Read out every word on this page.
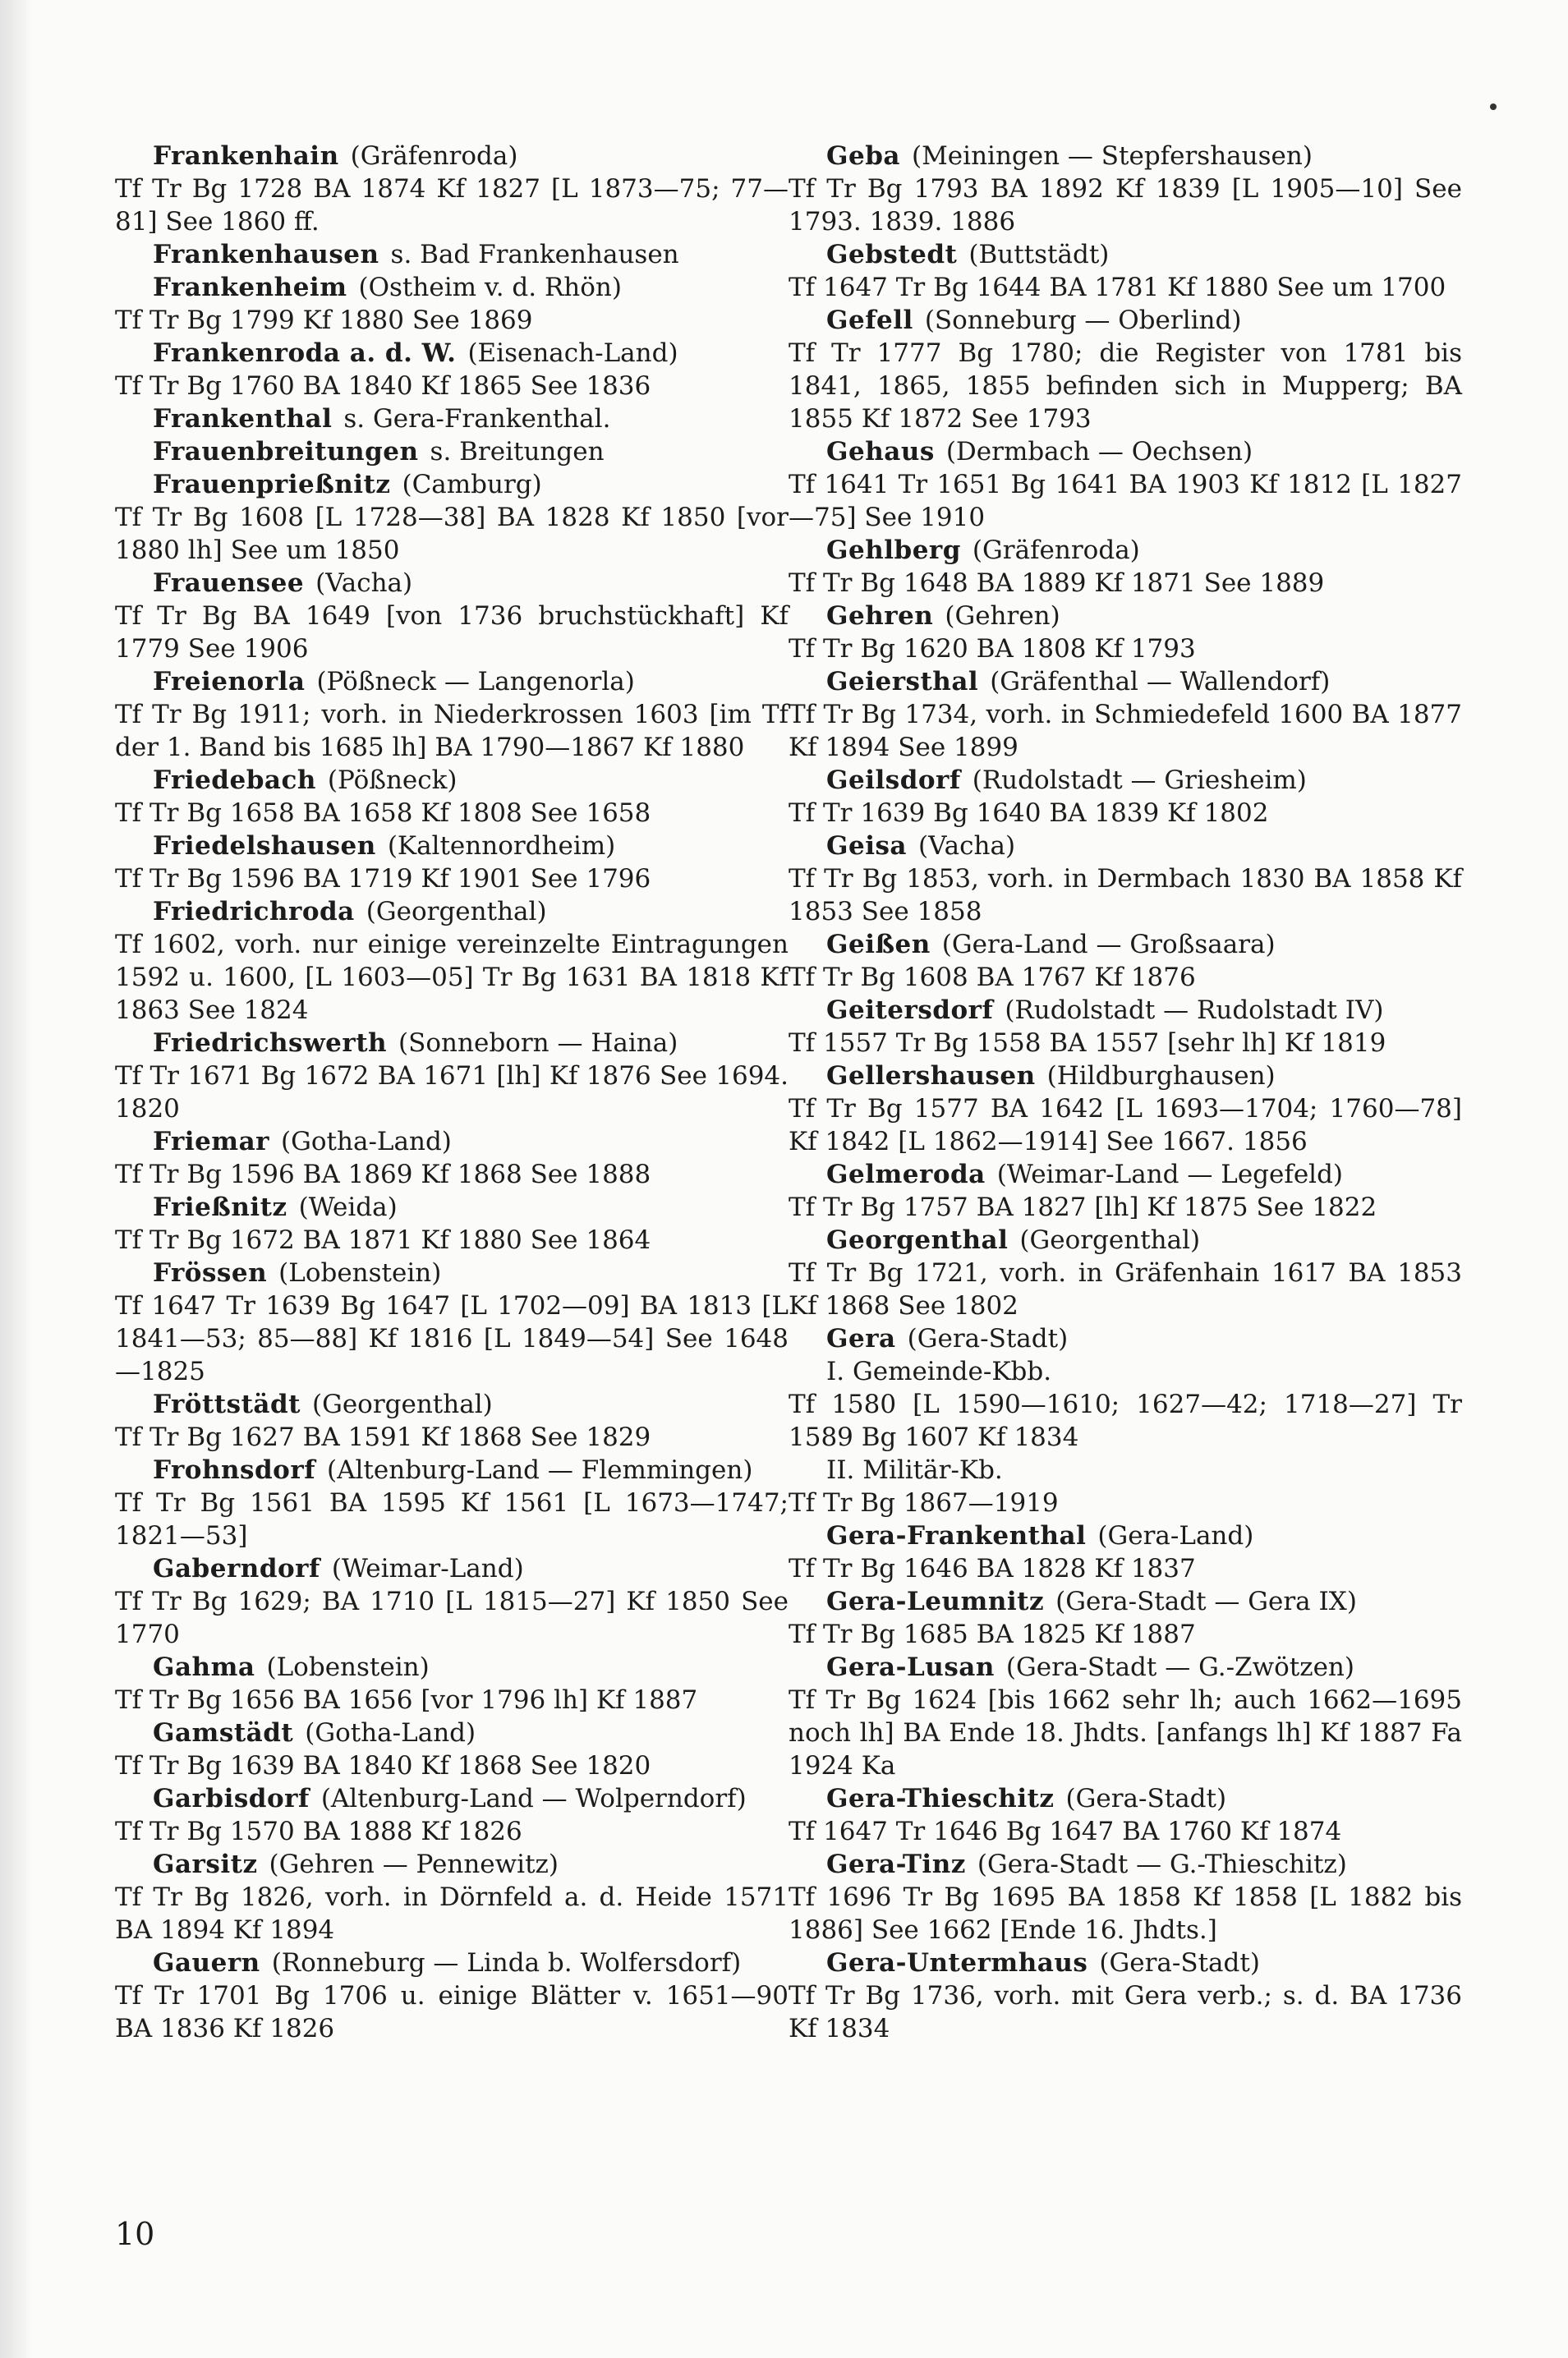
Frankenhain (Gräfenroda)
Tf Tr Bg 1728 BA 1874 Kf 1827 [L 1873—75; 77—81] See 1860 ff.
Frankenhausen s. Bad Frankenhausen
Frankenheim (Ostheim v. d. Rhön)
Tf Tr Bg 1799 Kf 1880 See 1869
Frankenroda a. d. W. (Eisenach-Land)
Tf Tr Bg 1760 BA 1840 Kf 1865 See 1836
Frankenthal s. Gera-Frankenthal.
Frauenbreitungen s. Breitungen
Frauenprießnitz (Camburg)
Tf Tr Bg 1608 [L 1728—38] BA 1828 Kf 1850 [vor 1880 lh] See um 1850
Frauensee (Vacha)
Tf Tr Bg BA 1649 [von 1736 bruchstückhaft] Kf 1779 See 1906
Freienorla (Pößneck — Langenorla)
Tf Tr Bg 1911; vorh. in Niederkrossen 1603 [im Tf der 1. Band bis 1685 lh] BA 1790—1867 Kf 1880
Friedebach (Pößneck)
Tf Tr Bg 1658 BA 1658 Kf 1808 See 1658
Friedelshausen (Kaltennordheim)
Tf Tr Bg 1596 BA 1719 Kf 1901 See 1796
Friedrichroda (Georgenthal)
Tf 1602, vorh. nur einige vereinzelte Eintragungen 1592 u. 1600, [L 1603—05] Tr Bg 1631 BA 1818 Kf 1863 See 1824
Friedrichswerth (Sonneborn — Haina)
Tf Tr 1671 Bg 1672 BA 1671 [lh] Kf 1876 See 1694. 1820
Friemar (Gotha-Land)
Tf Tr Bg 1596 BA 1869 Kf 1868 See 1888
Frießnitz (Weida)
Tf Tr Bg 1672 BA 1871 Kf 1880 See 1864
Frössen (Lobenstein)
Tf 1647 Tr 1639 Bg 1647 [L 1702—09] BA 1813 [L 1841—53; 85—88] Kf 1816 [L 1849—54] See 1648—1825
Fröttstädt (Georgenthal)
Tf Tr Bg 1627 BA 1591 Kf 1868 See 1829
Frohnsdorf (Altenburg-Land — Flemmingen)
Tf Tr Bg 1561 BA 1595 Kf 1561 [L 1673—1747; 1821—53]
Gaberndorf (Weimar-Land)
Tf Tr Bg 1629; BA 1710 [L 1815—27] Kf 1850 See 1770
Gahma (Lobenstein)
Tf Tr Bg 1656 BA 1656 [vor 1796 lh] Kf 1887
Gamstädt (Gotha-Land)
Tf Tr Bg 1639 BA 1840 Kf 1868 See 1820
Garbisdorf (Altenburg-Land — Wolperndorf)
Tf Tr Bg 1570 BA 1888 Kf 1826
Garsitz (Gehren — Pennewitz)
Tf Tr Bg 1826, vorh. in Dörnfeld a. d. Heide 1571 BA 1894 Kf 1894
Gauern (Ronneburg — Linda b. Wolfersdorf)
Tf Tr 1701 Bg 1706 u. einige Blätter v. 1651—90 BA 1836 Kf 1826
Geba (Meiningen — Stepfershausen)
Tf Tr Bg 1793 BA 1892 Kf 1839 [L 1905—10] See 1793. 1839. 1886
Gebstedt (Buttstädt)
Tf 1647 Tr Bg 1644 BA 1781 Kf 1880 See um 1700
Gefell (Sonneburg — Oberlind)
Tf Tr 1777 Bg 1780; die Register von 1781 bis 1841, 1865, 1855 befinden sich in Mupperg; BA 1855 Kf 1872 See 1793
Gehaus (Dermbach — Oechsen)
Tf 1641 Tr 1651 Bg 1641 BA 1903 Kf 1812 [L 1827—75] See 1910
Gehlberg (Gräfenroda)
Tf Tr Bg 1648 BA 1889 Kf 1871 See 1889
Gehren (Gehren)
Tf Tr Bg 1620 BA 1808 Kf 1793
Geiersthal (Gräfenthal — Wallendorf)
Tf Tr Bg 1734, vorh. in Schmiedefeld 1600 BA 1877 Kf 1894 See 1899
Geilsdorf (Rudolstadt — Griesheim)
Tf Tr 1639 Bg 1640 BA 1839 Kf 1802
Geisa (Vacha)
Tf Tr Bg 1853, vorh. in Dermbach 1830 BA 1858 Kf 1853 See 1858
Geißen (Gera-Land — Großsaara)
Tf Tr Bg 1608 BA 1767 Kf 1876
Geitersdorf (Rudolstadt — Rudolstadt IV)
Tf 1557 Tr Bg 1558 BA 1557 [sehr lh] Kf 1819
Gellershausen (Hildburghausen)
Tf Tr Bg 1577 BA 1642 [L 1693—1704; 1760—78] Kf 1842 [L 1862—1914] See 1667. 1856
Gelmeroda (Weimar-Land — Legefeld)
Tf Tr Bg 1757 BA 1827 [lh] Kf 1875 See 1822
Georgenthal (Georgenthal)
Tf Tr Bg 1721, vorh. in Gräfenhain 1617 BA 1853 Kf 1868 See 1802
Gera (Gera-Stadt)
I. Gemeinde-Kbb.
Tf 1580 [L 1590—1610; 1627—42; 1718—27] Tr 1589 Bg 1607 Kf 1834
II. Militär-Kb.
Tf Tr Bg 1867—1919
Gera-Frankenthal (Gera-Land)
Tf Tr Bg 1646 BA 1828 Kf 1837
Gera-Leumnitz (Gera-Stadt — Gera IX)
Tf Tr Bg 1685 BA 1825 Kf 1887
Gera-Lusan (Gera-Stadt — G.-Zwötzen)
Tf Tr Bg 1624 [bis 1662 sehr lh; auch 1662—1695 noch lh] BA Ende 18. Jhdts. [anfangs lh] Kf 1887 Fa 1924 Ka
Gera-Thieschitz (Gera-Stadt)
Tf 1647 Tr 1646 Bg 1647 BA 1760 Kf 1874
Gera-Tinz (Gera-Stadt — G.-Thieschitz)
Tf 1696 Tr Bg 1695 BA 1858 Kf 1858 [L 1882 bis 1886] See 1662 [Ende 16. Jhdts.]
Gera-Untermhaus (Gera-Stadt)
Tf Tr Bg 1736, vorh. mit Gera verb.; s. d. BA 1736 Kf 1834
10
